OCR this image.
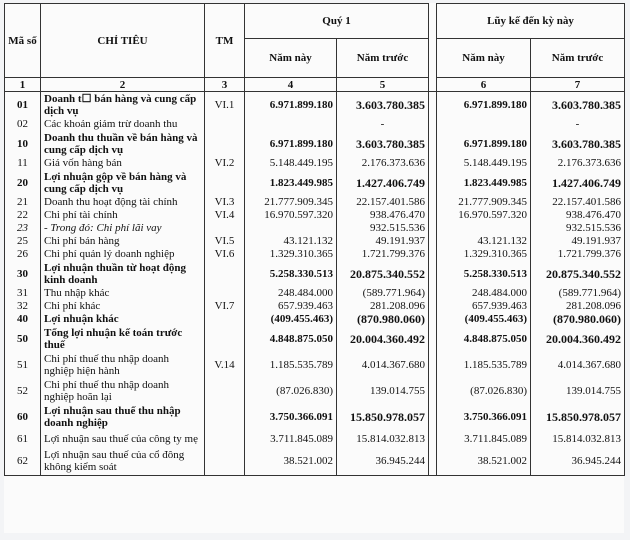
Mã số	CHỈ TIÊU	TM	Quý 1			Lũy kế đến kỳ này	
			Năm này	Năm trước		Năm này	Năm trước
1	2	3	4	5		6	7
01	Doanh t☐ bán hàng và cung cấp dịch vụ	VI.1	6.971.899.180	3.603.780.385		6.971.899.180	3.603.780.385
02	Các khoản giảm trừ doanh thu			-			-
10	Doanh thu thuần về bán hàng và cung cấp dịch vụ		6.971.899.180	3.603.780.385		6.971.899.180	3.603.780.385
11	Giá vốn hàng bán	VI.2	5.148.449.195	2.176.373.636		5.148.449.195	2.176.373.636
20	Lợi nhuận gộp về bán hàng và cung cấp dịch vụ		1.823.449.985	1.427.406.749		1.823.449.985	1.427.406.749
21	Doanh thu hoạt động tài chính	VI.3	21.777.909.345	22.157.401.586		21.777.909.345	22.157.401.586
22	Chi phí tài chính	VI.4	16.970.597.320	938.476.470		16.970.597.320	938.476.470
23	- Trong đó: Chi phí lãi vay			932.515.536			932.515.536
25	Chi phí bán hàng	VI.5	43.121.132	49.191.937		43.121.132	49.191.937
26	Chi phí quản lý doanh nghiệp	VI.6	1.329.310.365	1.721.799.376		1.329.310.365	1.721.799.376
30	Lợi nhuận thuần từ hoạt động kinh doanh		5.258.330.513	20.875.340.552		5.258.330.513	20.875.340.552
31	Thu nhập khác		248.484.000	(589.771.964)		248.484.000	(589.771.964)
32	Chi phí khác	VI.7	657.939.463	281.208.096		657.939.463	281.208.096
40	Lợi nhuận khác		(409.455.463)	(870.980.060)		(409.455.463)	(870.980.060)
50	Tổng lợi nhuận kế toán trước thuế		4.848.875.050	20.004.360.492		4.848.875.050	20.004.360.492
51	Chi phí thuế thu nhập doanh nghiệp hiện hành	V.14	1.185.535.789	4.014.367.680		1.185.535.789	4.014.367.680
52	Chi phí thuế thu nhập doanh nghiệp hoãn lại		(87.026.830)	139.014.755		(87.026.830)	139.014.755
60	Lợi nhuận sau thuế thu nhập doanh nghiệp		3.750.366.091	15.850.978.057		3.750.366.091	15.850.978.057
61	Lợi nhuận sau thuế của công ty mẹ		3.711.845.089	15.814.032.813		3.711.845.089	15.814.032.813
62	Lợi nhuận sau thuế của cổ đông không kiểm soát		38.521.002	36.945.244		38.521.002	36.945.244
